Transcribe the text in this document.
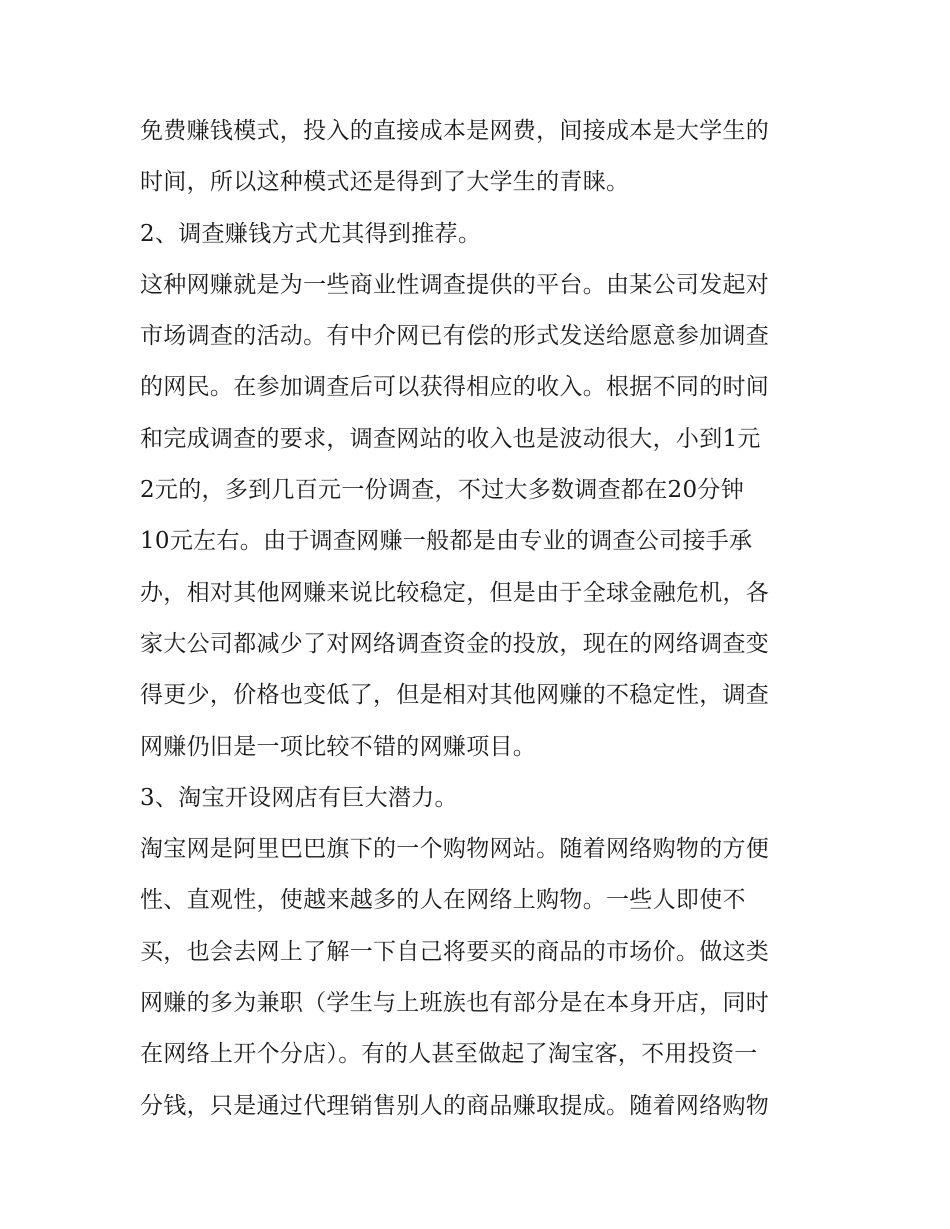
免费赚钱模式，投入的直接成本是网费，间接成本是大学生的
时间，所以这种模式还是得到了大学生的青睐。
2、调查赚钱方式尤其得到推荐。
这种网赚就是为一些商业性调查提供的平台。由某公司发起对
市场调查的活动。有中介网已有偿的形式发送给愿意参加调查
的网民。在参加调查后可以获得相应的收入。根据不同的时间
和完成调查的要求，调查网站的收入也是波动很大，小到1元
2元的，多到几百元一份调查，不过大多数调查都在20分钟
10元左右。由于调查网赚一般都是由专业的调查公司接手承
办，相对其他网赚来说比较稳定，但是由于全球金融危机，各
家大公司都减少了对网络调查资金的投放，现在的网络调查变
得更少，价格也变低了，但是相对其他网赚的不稳定性，调查
网赚仍旧是一项比较不错的网赚项目。
3、淘宝开设网店有巨大潜力。
淘宝网是阿里巴巴旗下的一个购物网站。随着网络购物的方便
性、直观性，使越来越多的人在网络上购物。一些人即使不
买，也会去网上了解一下自己将要买的商品的市场价。做这类
网赚的多为兼职（学生与上班族也有部分是在本身开店，同时
在网络上开个分店）。有的人甚至做起了淘宝客，不用投资一
分钱，只是通过代理销售别人的商品赚取提成。随着网络购物
